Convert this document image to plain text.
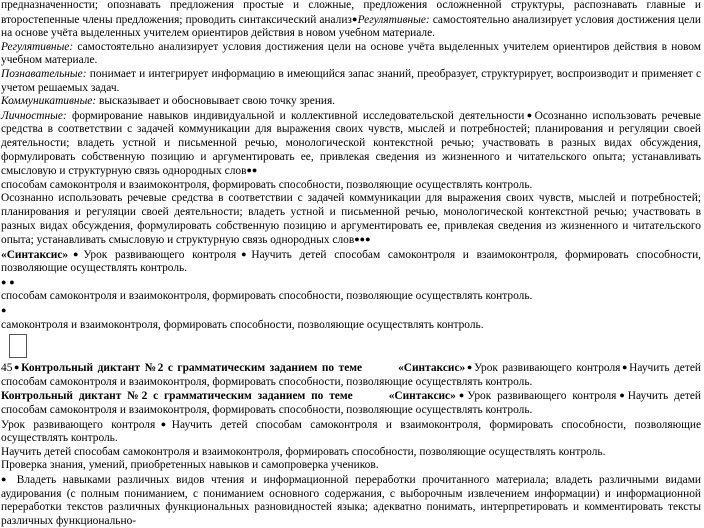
предназначенности; опознавать предложения простые и сложные, предложения осложненной структуры, распознавать главные и второстепенные члены предложения; проводить синтаксический анализ●Регулятивные: самостоятельно анализирует условия достижения цели на основе учёта выделенных учителем ориентиров действия в новом учебном материале.

Регулятивные: самостоятельно анализирует условия достижения цели на основе учёта выделенных учителем ориентиров действия в новом учебном материале.

Познавательные: понимает и интегрирует информацию в имеющийся запас знаний, преобразует, структурирует, воспроизводит и применяет с учетом решаемых задач.

Коммуникативные: высказывает и обосновывает свою точку зрения.

Личностные: формирование навыков индивидуальной и коллективной исследовательской деятельности●Осознанно использовать речевые средства в соответствии с задачей коммуникации для выражения своих чувств, мыслей и потребностей; планирования и регуляции своей деятельности; владеть устной и письменной речью, монологической контекстной речью; участвовать в разных видах обсуждения, формулировать собственную позицию и аргументировать ее, привлекая сведения из жизненного и читательского опыта; устанавливать смысловую и структурную связь однородных слов●●

способам самоконтроля и взаимоконтроля, формировать способности, позволяющие осуществлять контроль.

Осознанно использовать речевые средства в соответствии с задачей коммуникации для выражения своих чувств, мыслей и потребностей; планирования и регуляции своей деятельности; владеть устной и письменной речью, монологической контекстной речью; участвовать в разных видах обсуждения, формулировать собственную позицию и аргументировать ее, привлекая сведения из жизненного и читательского опыта; устанавливать смысловую и структурную связь однородных слов●●●

«Синтаксис»●Урок развивающего контроля●Научить детей способам самоконтроля и взаимоконтроля, формировать способности, позволяющие осуществлять контроль.

● ●

способам самоконтроля и взаимоконтроля, формировать способности, позволяющие осуществлять контроль.

●

самоконтроля и взаимоконтроля, формировать способности, позволяющие осуществлять контроль.

45●Контрольный диктант №2 с грамматическим заданием по теме	«Синтаксис»●Урок развивающего контроля●Научить детей способам самоконтроля и взаимоконтроля, формировать способности, позволяющие осуществлять контроль.

Контрольный диктант №2 с грамматическим заданием по теме	«Синтаксис»●Урок развивающего контроля●Научить детей способам самоконтроля и взаимоконтроля, формировать способности, позволяющие осуществлять контроль.

Урок развивающего контроля●Научить детей способам самоконтроля и взаимоконтроля, формировать способности, позволяющие осуществлять контроль.

Научить детей способам самоконтроля и взаимоконтроля, формировать способности, позволяющие осуществлять контроль.

Проверка знания, умений, приобретенных навыков и самопроверка учеников.

● Владеть навыками различных видов чтения и информационной переработки прочитанного материала; владеть различными видами аудирования (с полным пониманием, с пониманием основного содержания, с выборочным извлечением информации) и информационной переработки текстов различных функциональных разновидностей языка; адекватно понимать, интерпретировать и комментировать тексты различных функционально-
